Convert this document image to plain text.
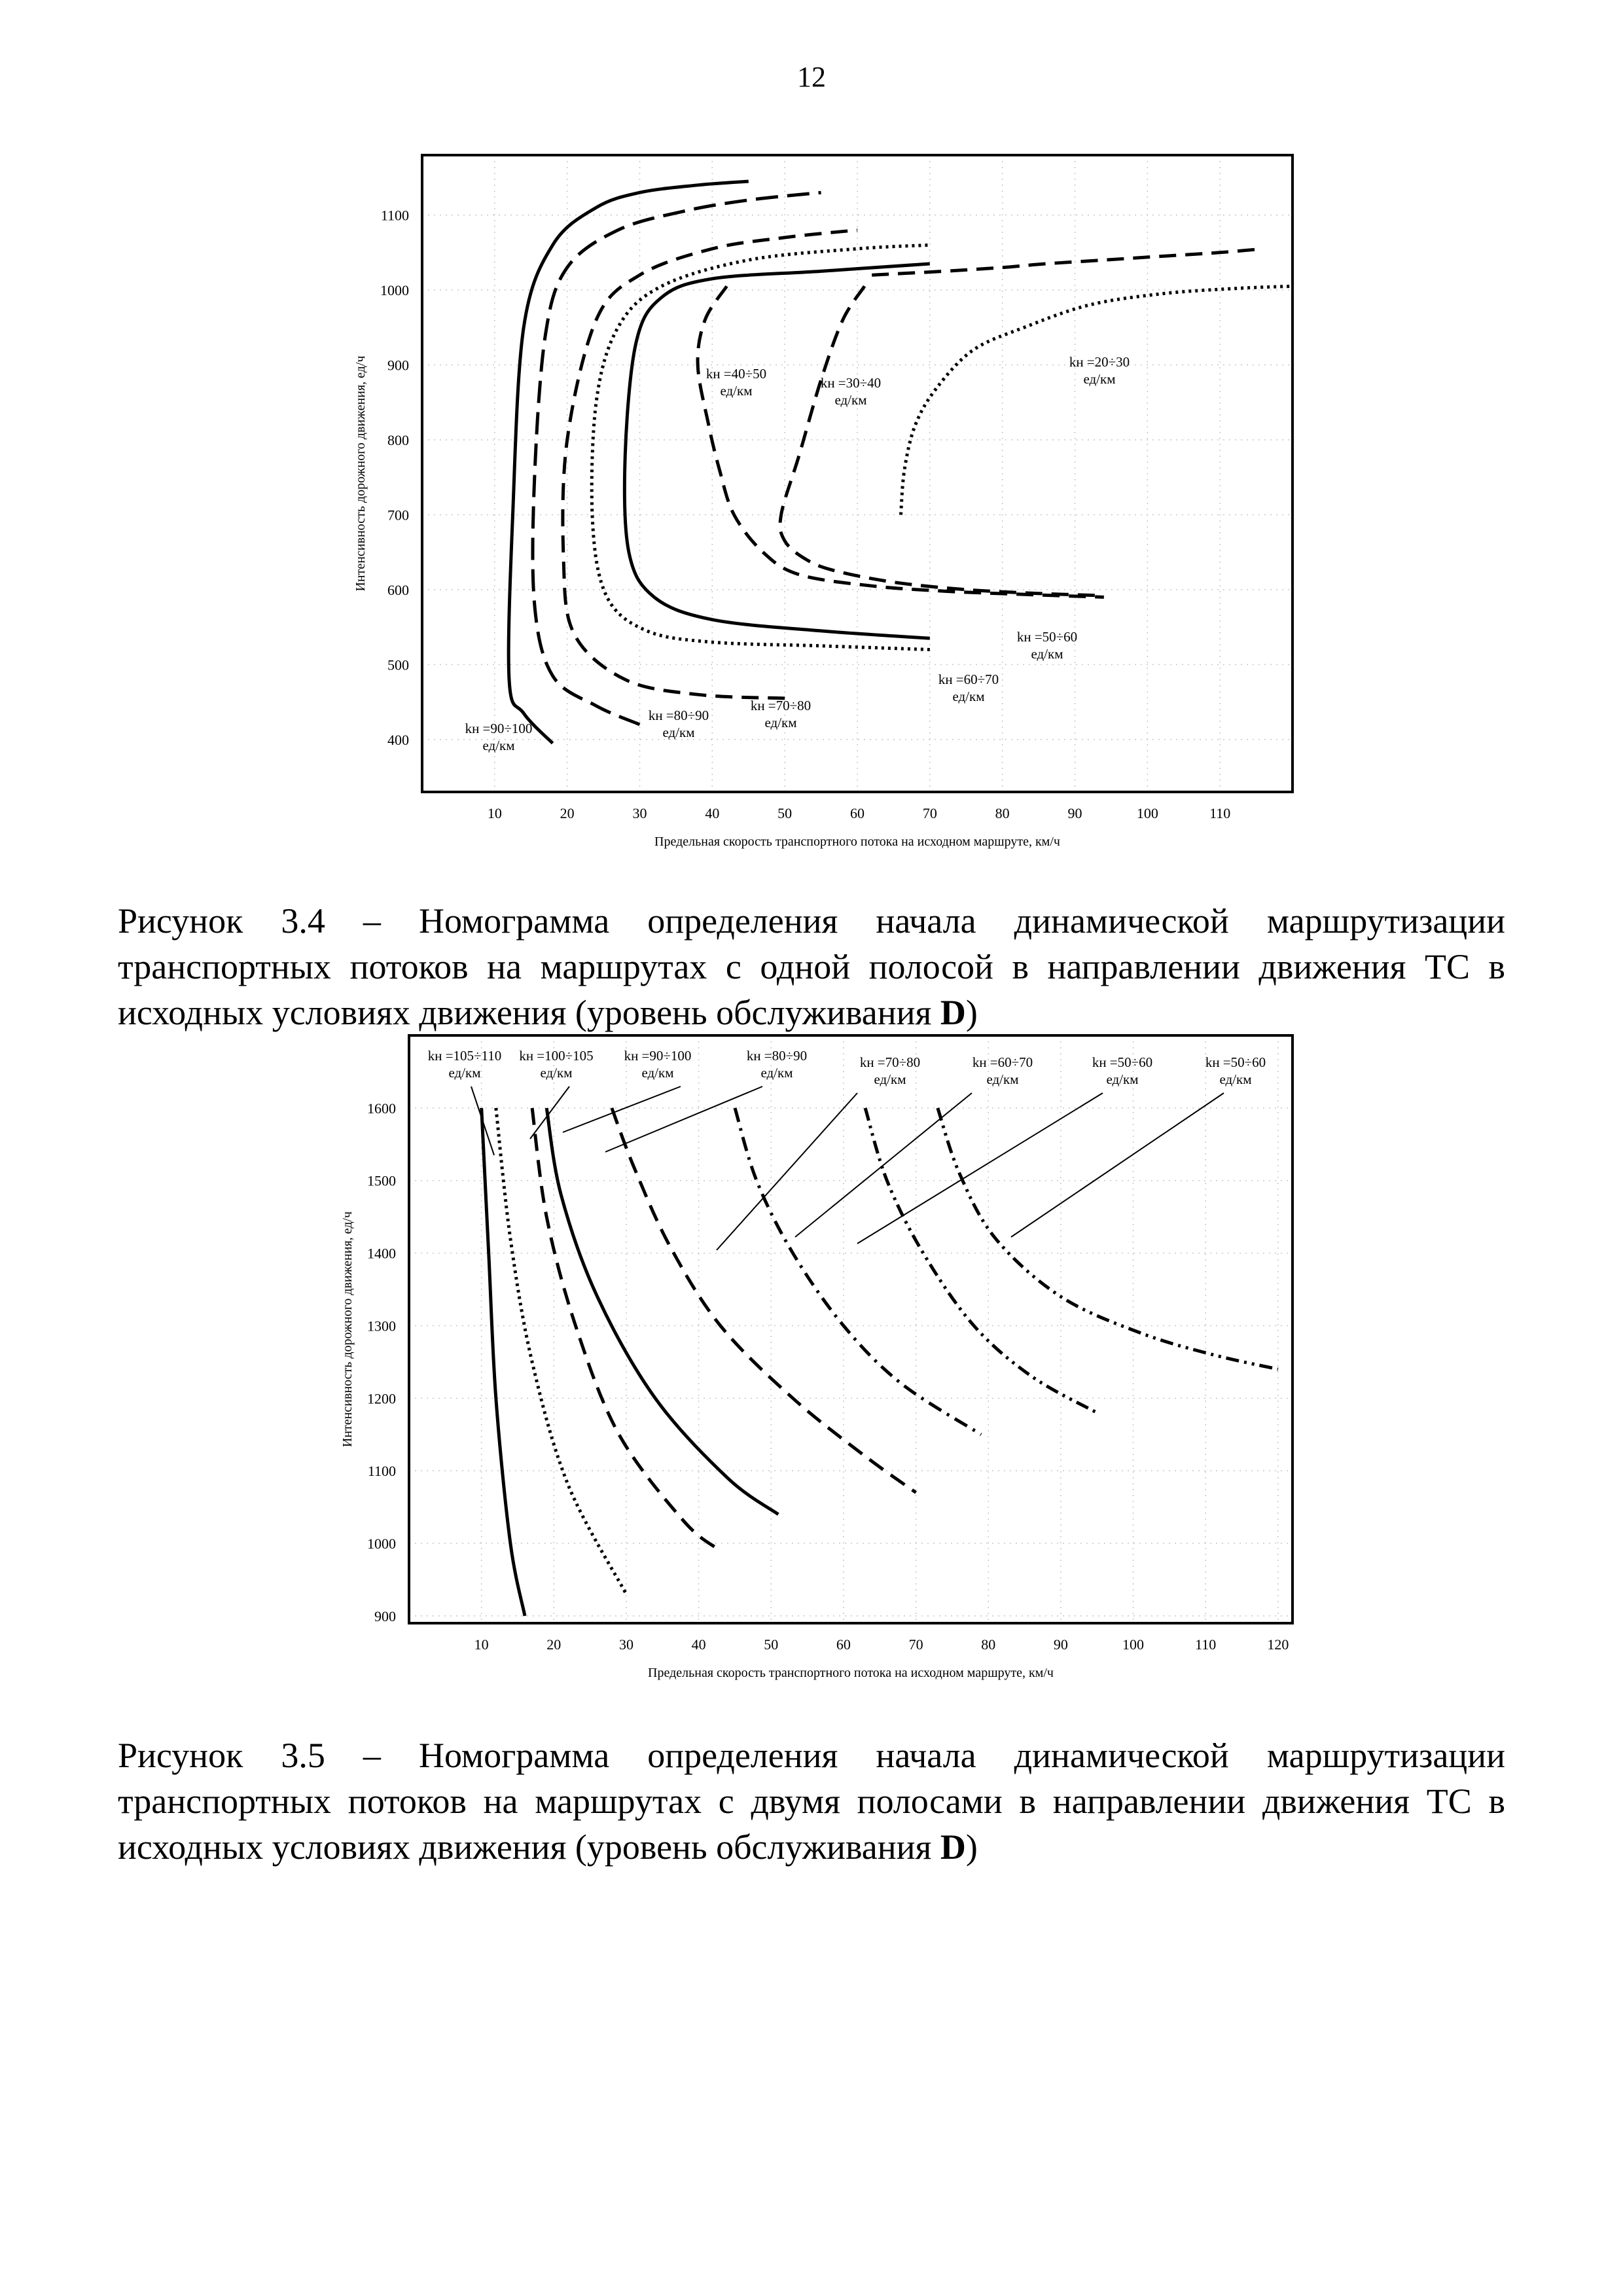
12
10	20	30	40	50	60	70	80	90	100	110
400
500
600
700
800
900
1000
1100
Предельная скорость транспортного потока на исходном маршруте, км/ч
Интенсивность дорожного движения, ед/ч
kн =90÷100
ед/км
kн =80÷90
ед/км
kн =70÷80
ед/км
kн =60÷70
ед/км
kн =50÷60
ед/км
kн =40÷50
ед/км	kн =30÷40
ед/км
kн =20÷30
ед/км

Рисунок 3.4 – Номограмма определения начала динамической маршрутизации транспортных потоков на маршрутах с одной полосой в направлении движения ТС в исходных условиях движения (уровень обслуживания D)

10	20	30	40	50	60	70	80	90	100	110	120
900
1000
1100
1200
1300
1400
1500
1600
Предельная скорость транспортного потока на исходном маршруте, км/ч
Интенсивность дорожного движения, ед/ч
kн =105÷110
ед/км
kн =100÷105
ед/км
kн =90÷100
ед/км
kн =80÷90
ед/км
kн =70÷80
ед/км
kн =60÷70
ед/км
kн =50÷60
ед/км
kн =50÷60
ед/км

Рисунок 3.5 – Номограмма определения начала динамической маршрутизации транспортных потоков на маршрутах с двумя полосами в направлении движения ТС в исходных условиях движения (уровень обслуживания D)
